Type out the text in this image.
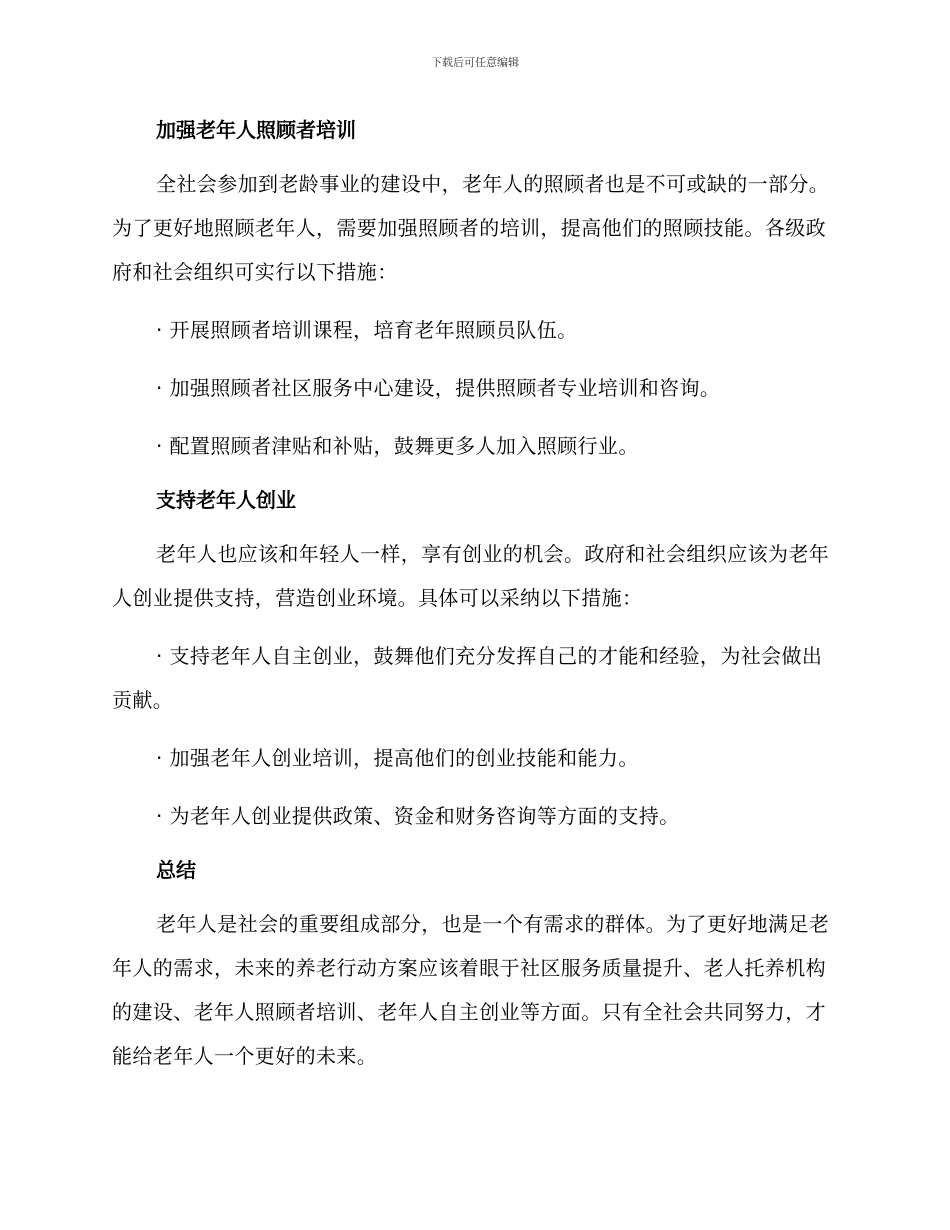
下载后可任意编辑
加强老年人照顾者培训

全社会参加到老龄事业的建设中，老年人的照顾者也是不可或缺的一部分。为了更好地照顾老年人，需要加强照顾者的培训，提高他们的照顾技能。各级政府和社会组织可实行以下措施：

· 开展照顾者培训课程，培育老年照顾员队伍。

· 加强照顾者社区服务中心建设，提供照顾者专业培训和咨询。

· 配置照顾者津贴和补贴，鼓舞更多人加入照顾行业。

支持老年人创业

老年人也应该和年轻人一样，享有创业的机会。政府和社会组织应该为老年人创业提供支持，营造创业环境。具体可以采纳以下措施：

· 支持老年人自主创业，鼓舞他们充分发挥自己的才能和经验，为社会做出贡献。

· 加强老年人创业培训，提高他们的创业技能和能力。

· 为老年人创业提供政策、资金和财务咨询等方面的支持。

总结

老年人是社会的重要组成部分，也是一个有需求的群体。为了更好地满足老年人的需求，未来的养老行动方案应该着眼于社区服务质量提升、老人托养机构的建设、老年人照顾者培训、老年人自主创业等方面。只有全社会共同努力，才能给老年人一个更好的未来。
